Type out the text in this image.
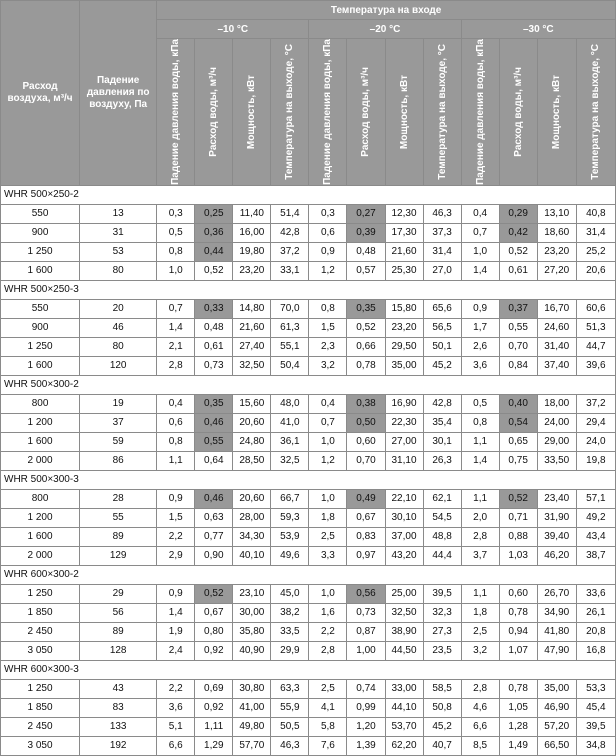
Расход воздуха, м³/ч	Падение давления по воздуху, Па	Температура на входе											
		–10 °C				–20 °C				–30 °C			

		Падение давления воды, кПа	Расход воды, м³/ч	Мощность, кВт	Температура на выходе, °C	Падение давления воды, кПа	Расход воды, м³/ч	Мощность, кВт	Температура на выходе, °C	Падение давления воды, кПа	Расход воды, м³/ч	Мощность, кВт	Температура на выходе, °C

WHR 500×250-2													
550	13	0,3	0,25	11,40	51,4	0,3	0,27	12,30	46,3	0,4	0,29	13,10	40,8
900	31	0,5	0,36	16,00	42,8	0,6	0,39	17,30	37,3	0,7	0,42	18,60	31,4
1 250	53	0,8	0,44	19,80	37,2	0,9	0,48	21,60	31,4	1,0	0,52	23,20	25,2
1 600	80	1,0	0,52	23,20	33,1	1,2	0,57	25,30	27,0	1,4	0,61	27,20	20,6
WHR 500×250-3													
550	20	0,7	0,33	14,80	70,0	0,8	0,35	15,80	65,6	0,9	0,37	16,70	60,6
900	46	1,4	0,48	21,60	61,3	1,5	0,52	23,20	56,5	1,7	0,55	24,60	51,3
1 250	80	2,1	0,61	27,40	55,1	2,3	0,66	29,50	50,1	2,6	0,70	31,40	44,7
1 600	120	2,8	0,73	32,50	50,4	3,2	0,78	35,00	45,2	3,6	0,84	37,40	39,6
WHR 500×300-2													
800	19	0,4	0,35	15,60	48,0	0,4	0,38	16,90	42,8	0,5	0,40	18,00	37,2
1 200	37	0,6	0,46	20,60	41,0	0,7	0,50	22,30	35,4	0,8	0,54	24,00	29,4
1 600	59	0,8	0,55	24,80	36,1	1,0	0,60	27,00	30,1	1,1	0,65	29,00	24,0
2 000	86	1,1	0,64	28,50	32,5	1,2	0,70	31,10	26,3	1,4	0,75	33,50	19,8
WHR 500×300-3													
800	28	0,9	0,46	20,60	66,7	1,0	0,49	22,10	62,1	1,1	0,52	23,40	57,1
1 200	55	1,5	0,63	28,00	59,3	1,8	0,67	30,10	54,5	2,0	0,71	31,90	49,2
1 600	89	2,2	0,77	34,30	53,9	2,5	0,83	37,00	48,8	2,8	0,88	39,40	43,4
2 000	129	2,9	0,90	40,10	49,6	3,3	0,97	43,20	44,4	3,7	1,03	46,20	38,7
WHR 600×300-2													
1 250	29	0,9	0,52	23,10	45,0	1,0	0,56	25,00	39,5	1,1	0,60	26,70	33,6
1 850	56	1,4	0,67	30,00	38,2	1,6	0,73	32,50	32,3	1,8	0,78	34,90	26,1
2 450	89	1,9	0,80	35,80	33,5	2,2	0,87	38,90	27,3	2,5	0,94	41,80	20,8
3 050	128	2,4	0,92	40,90	29,9	2,8	1,00	44,50	23,5	3,2	1,07	47,90	16,8
WHR 600×300-3													
1 250	43	2,2	0,69	30,80	63,3	2,5	0,74	33,00	58,5	2,8	0,78	35,00	53,3
1 850	83	3,6	0,92	41,00	55,9	4,1	0,99	44,10	50,8	4,6	1,05	46,90	45,4
2 450	133	5,1	1,11	49,80	50,5	5,8	1,20	53,70	45,2	6,6	1,28	57,20	39,5
3 050	192	6,6	1,29	57,70	46,3	7,6	1,39	62,20	40,7	8,5	1,49	66,50	34,8
